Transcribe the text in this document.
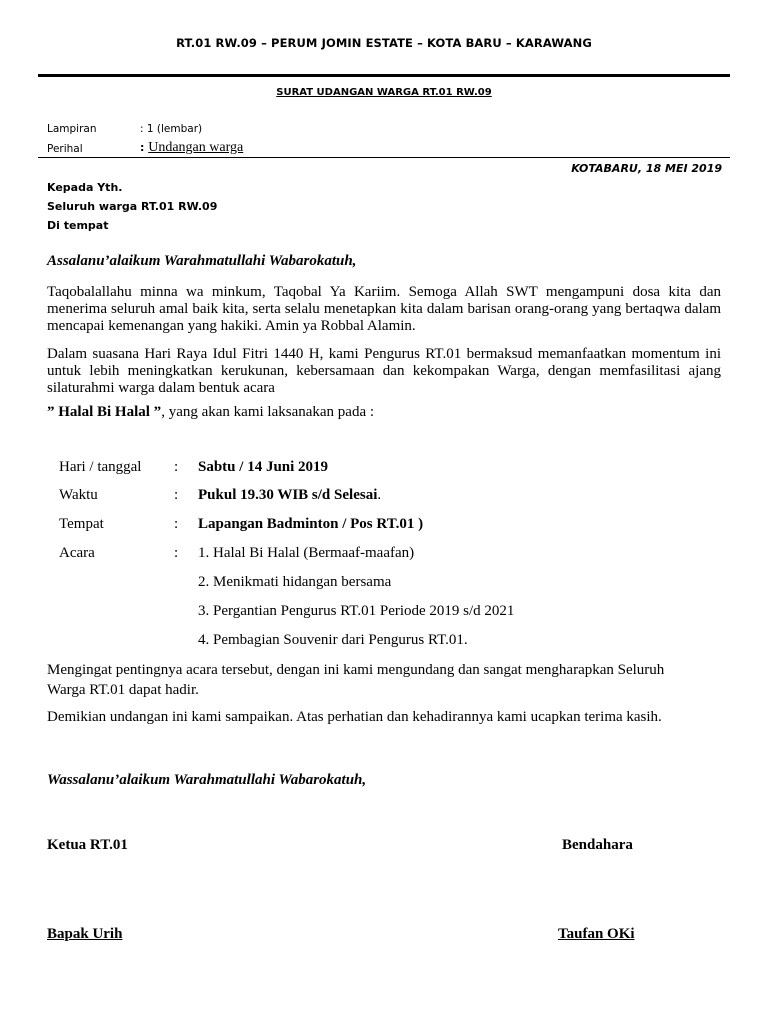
RT.01 RW.09 – PERUM JOMIN ESTATE – KOTA BARU – KARAWANG
SURAT UDANGAN WARGA RT.01 RW.09
Lampiran	: 1 (lembar)
Perihal	: Undangan warga
KOTABARU, 18 MEI 2019
Kepada Yth.
Seluruh warga RT.01 RW.09
Di tempat
Assalanu’alaikum Warahmatullahi Wabarokatuh,
Taqobalallahu minna wa minkum, Taqobal Ya Kariim. Semoga Allah SWT mengampuni dosa kita dan menerima seluruh amal baik kita, serta selalu menetapkan kita dalam barisan orang-orang yang bertaqwa dalam mencapai kemenangan yang hakiki. Amin ya Robbal Alamin.
Dalam suasana Hari Raya Idul Fitri 1440 H, kami Pengurus RT.01 bermaksud memanfaatkan momentum ini untuk lebih meningkatkan kerukunan, kebersamaan dan kekompakan Warga, dengan memfasilitasi ajang silaturahmi warga dalam bentuk acara
” Halal Bi Halal ”, yang akan kami laksanakan pada :
Hari / tanggal : Sabtu / 14 Juni 2019
Waktu	: Pukul 19.30 WIB s/d Selesai.
Tempat	: Lapangan Badminton / Pos RT.01 )
Acara	: 1. Halal Bi Halal (Bermaaf-maafan)
2. Menikmati hidangan bersama
3. Pergantian Pengurus RT.01 Periode 2019 s/d 2021
4. Pembagian Souvenir dari Pengurus RT.01.
Mengingat pentingnya acara tersebut, dengan ini kami mengundang dan sangat mengharapkan Seluruh
Warga RT.01 dapat hadir.
Demikian undangan ini kami sampaikan. Atas perhatian dan kehadirannya kami ucapkan terima kasih.
Wassalanu’alaikum Warahmatullahi Wabarokatuh,
Ketua RT.01	Bendahara
Bapak Urih	Taufan OKi
